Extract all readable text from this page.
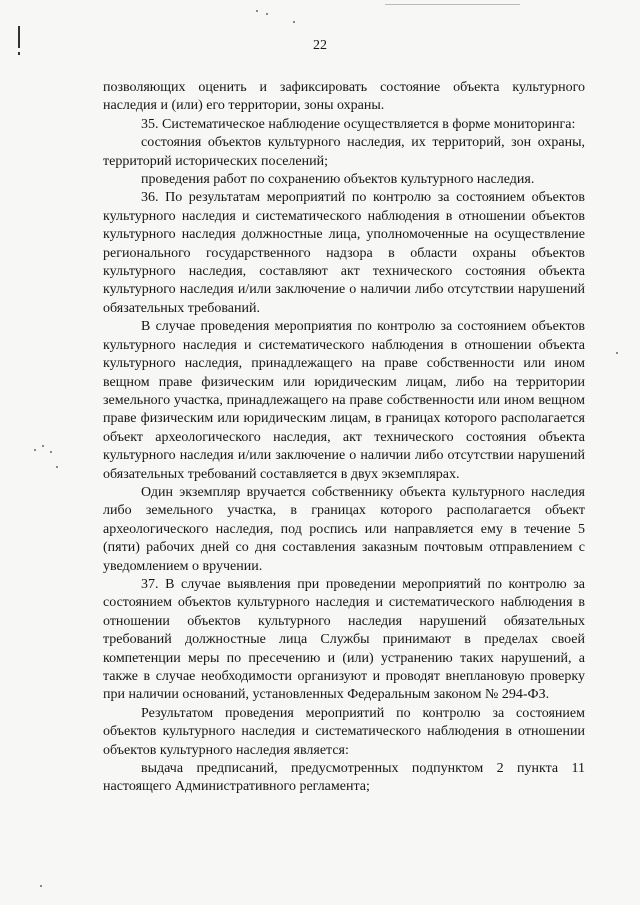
22

позволяющих оценить и зафиксировать состояние объекта культурного наследия и (или) его территории, зоны охраны.

35. Систематическое наблюдение осуществляется в форме мониторинга:

состояния объектов культурного наследия, их территорий, зон охраны, территорий исторических поселений;

проведения работ по сохранению объектов культурного наследия.

36. По результатам мероприятий по контролю за состоянием объектов культурного наследия и систематического наблюдения в отношении объектов культурного наследия должностные лица, уполномоченные на осуществление регионального государственного надзора в области охраны объектов культурного наследия, составляют акт технического состояния объекта культурного наследия и/или заключение о наличии либо отсутствии нарушений обязательных требований.

В случае проведения мероприятия по контролю за состоянием объектов культурного наследия и систематического наблюдения в отношении объекта культурного наследия, принадлежащего на праве собственности или ином вещном праве физическим или юридическим лицам, либо на территории земельного участка, принадлежащего на праве собственности или ином вещном праве физическим или юридическим лицам, в границах которого располагается объект археологического наследия, акт технического состояния объекта культурного наследия и/или заключение о наличии либо отсутствии нарушений обязательных требований составляется в двух экземплярах.

Один экземпляр вручается собственнику объекта культурного наследия либо земельного участка, в границах которого располагается объект археологического наследия, под роспись или направляется ему в течение 5 (пяти) рабочих дней со дня составления заказным почтовым отправлением с уведомлением о вручении.

37. В случае выявления при проведении мероприятий по контролю за состоянием объектов культурного наследия и систематического наблюдения в отношении объектов культурного наследия нарушений обязательных требований должностные лица Службы принимают в пределах своей компетенции меры по пресечению и (или) устранению таких нарушений, а также в случае необходимости организуют и проводят внеплановую проверку при наличии оснований, установленных Федеральным законом № 294-ФЗ.

Результатом проведения мероприятий по контролю за состоянием объектов культурного наследия и систематического наблюдения в отношении объектов культурного наследия является:

выдача предписаний, предусмотренных подпунктом 2 пункта 11 настоящего Административного регламента;
